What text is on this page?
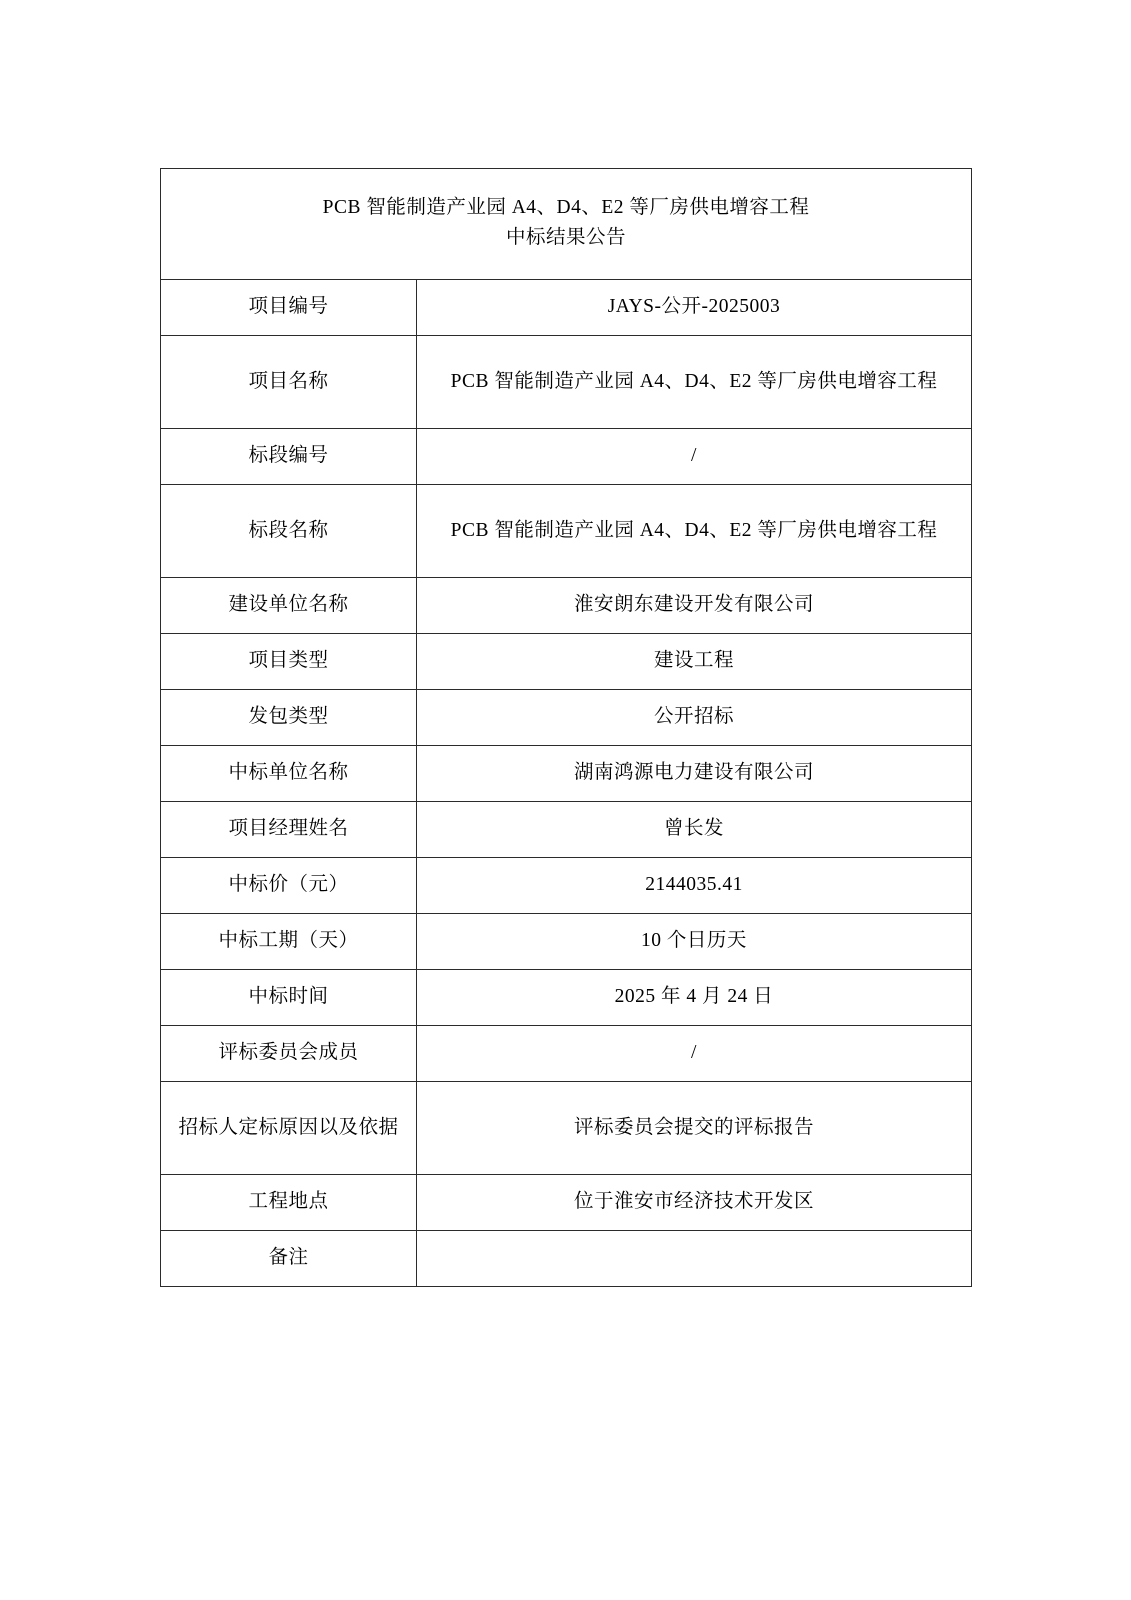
PCB 智能制造产业园 A4、D4、E2 等厂房供电增容工程
中标结果公告	

项目编号	JAYS-公开-2025003

项目名称	PCB 智能制造产业园 A4、D4、E2 等厂房供电增容工程

标段编号	/

标段名称	PCB 智能制造产业园 A4、D4、E2 等厂房供电增容工程

建设单位名称	淮安朗东建设开发有限公司

项目类型	建设工程

发包类型	公开招标

中标单位名称	湖南鸿源电力建设有限公司

项目经理姓名	曾长发

中标价（元）	2144035.41

中标工期（天）	10 个日历天

中标时间	2025 年 4 月 24 日

评标委员会成员	/

招标人定标原因以及依据	评标委员会提交的评标报告

工程地点	位于淮安市经济技术开发区

备注	
